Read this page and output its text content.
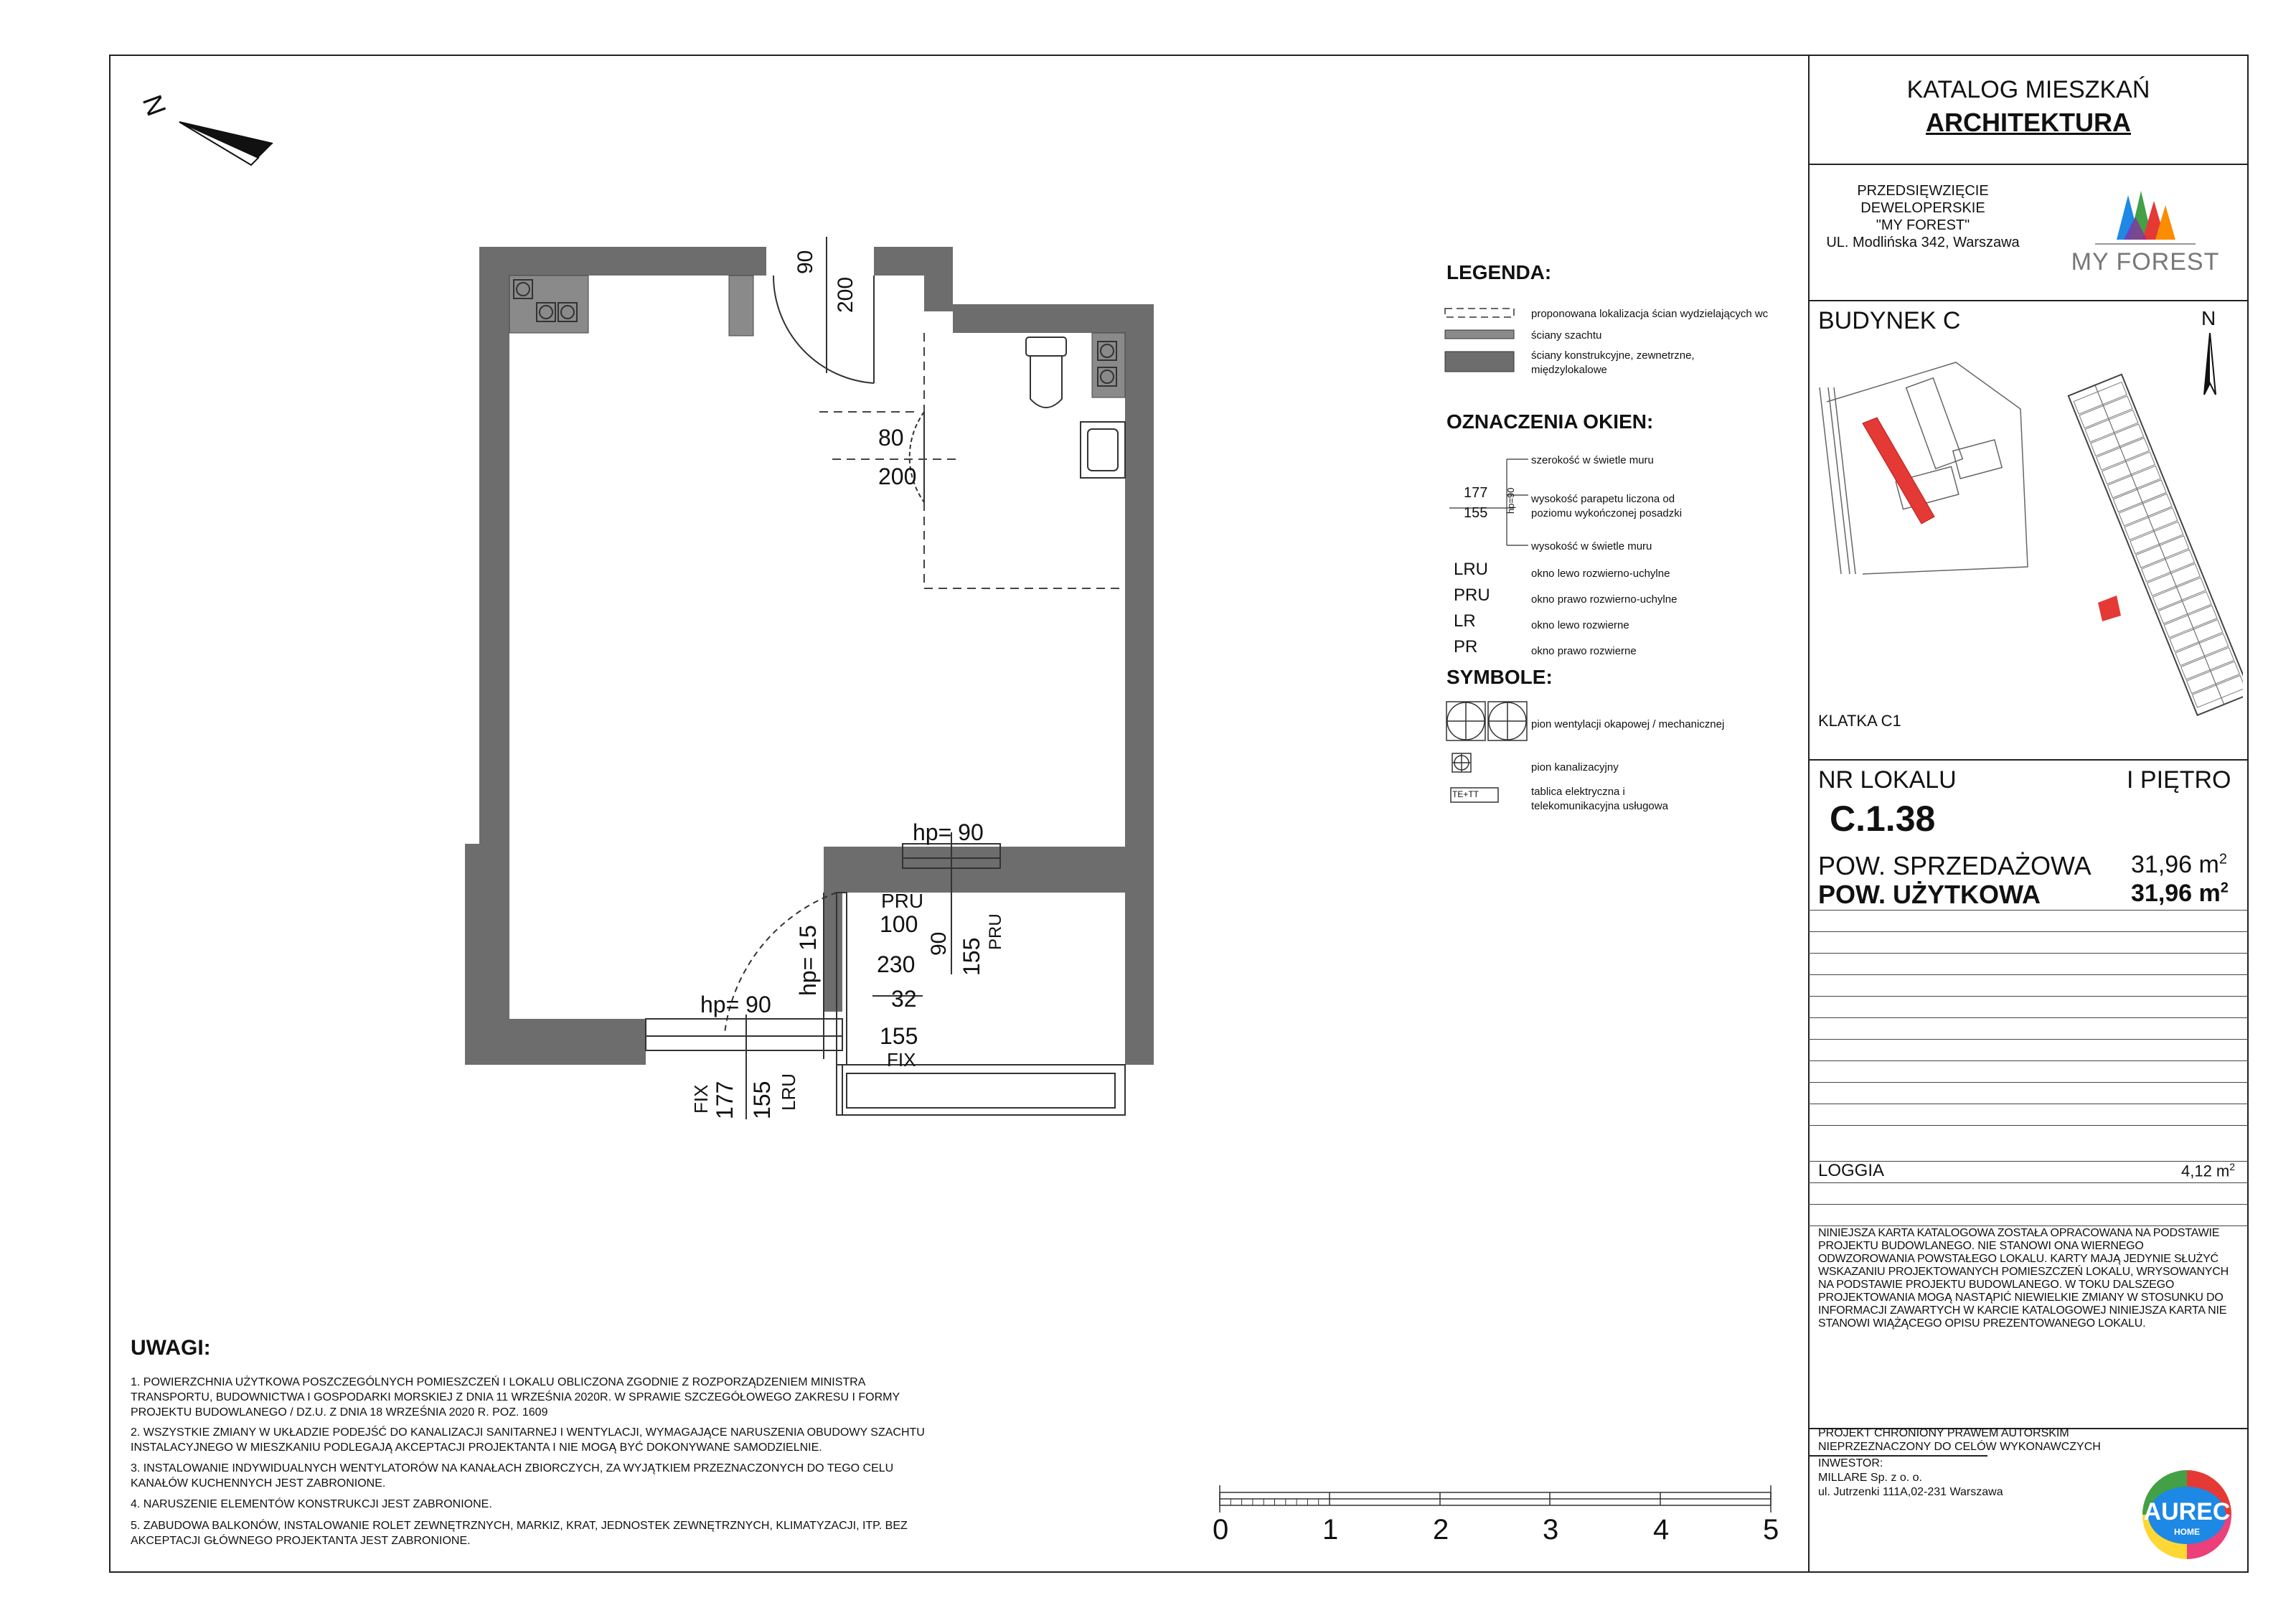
KATALOG MIESZKAŃ
ARCHITEKTURA
PRZEDSIĘWZIĘCIE
DEWELOPERSKIE
"MY FOREST"
UL. Modlińska 342, Warszawa
MY FOREST
BUDYNEK C	N
KLATKA C1
NR LOKALU	I PIĘTRO
C.1.38
POW. SPRZEDAŻOWA 31,96 $m^2$
POW. UŻYTKOWA	31,96 $m^2$
LOGGIA	4,12 $m^2$
NINIEJSZA KARTA KATALOGOWA ZOSTAŁA OPRACOWANA NA PODSTAWIE PROJEKTU BUDOWLANEGO. NIE STANOWI ONA WIERNEGO ODWZOROWANIA POWSTAŁEGO LOKALU. KARTY MAJĄ JEDYNIE SŁUŻYĆ WSKAZANIU PROJEKTOWANYCH POMIESZCZEŃ LOKALU, WRYSOWANYCH NA PODSTAWIE PROJEKTU BUDOWLANEGO. W TOKU DALSZEGO PROJEKTOWANIA MOGĄ NASTĄPIĆ NIEWIELKIE ZMIANY W STOSUNKU DO INFORMACJI ZAWARTYCH W KARCIE KATALOGOWEJ NINIEJSZA KARTA NIE STANOWI WIĄŻĄCEGO OPISU PREZENTOWANEGO LOKALU.
PROJEKT CHRONIONY PRAWEM AUTORSKIM
NIEPRZEZNACZONY DO CELÓW WYKONAWCZYCH
INWESTOR:
MILLARE Sp. z o. o.
ul. Jutrzenki 111A,02-231 Warszawa
AUREC
HOME
LEGENDA:
proponowana lokalizacja ścian wydzielających wc
ściany szachtu
ściany konstrukcyjne, zewnetrzne,
międzylokalowe
OZNACZENIA OKIEN:
177
155 hp=90
szerokość w świetle muru
wysokość parapetu liczona od
poziomu wykończonej posadzki
wysokość w świetle muru
LRU	okno lewo rozwierno-uchylne
PRU	okno prawo rozwierno-uchylne
LR	okno lewo rozwierne
PR	okno prawo rozwierne
SYMBOLE:
TE+TT
pion wentylacji okapowej / mechanicznej
pion kanalizacyjny
tablica elektryczna i
telekomunikacyjna usługowa
N
90
200
80
200
hp= 90
PRU
100
90 155
PRU
hp= 15 230
32
155
FIX
hp= 90
FIX 177 155 LRU
UWAGI:
1. POWIERZCHNIA UŻYTKOWA POSZCZEGÓLNYCH POMIESZCZEŃ I LOKALU OBLICZONA ZGODNIE Z ROZPORZĄDZENIEM MINISTRA TRANSPORTU, BUDOWNICTWA I GOSPODARKI MORSKIEJ Z DNIA 11 WRZEŚNIA 2020R. W SPRAWIE SZCZEGÓŁOWEGO ZAKRESU I FORMY PROJEKTU BUDOWLANEGO / DZ.U. Z DNIA 18 WRZEŚNIA 2020 R. POZ. 1609
2. WSZYSTKIE ZMIANY W UKŁADZIE PODEJŚĆ DO KANALIZACJI SANITARNEJ I WENTYLACJI, WYMAGAJĄCE NARUSZENIA OBUDOWY SZACHTU INSTALACYJNEGO W MIESZKANIU PODLEGAJĄ AKCEPTACJI PROJEKTANTA I NIE MOGĄ BYĆ DOKONYWANE SAMODZIELNIE.
3. INSTALOWANIE INDYWIDUALNYCH WENTYLATORÓW NA KANAŁACH ZBIORCZYCH, ZA WYJĄTKIEM PRZEZNACZONYCH DO TEGO CELU KANAŁÓW KUCHENNYCH JEST ZABRONIONE.
4. NARUSZENIE ELEMENTÓW KONSTRUKCJI JEST ZABRONIONE.
5. ZABUDOWA BALKONÓW, INSTALOWANIE ROLET ZEWNĘTRZNYCH, MARKIZ, KRAT, JEDNOSTEK ZEWNĘTRZNYCH, KLIMATYZACJI, ITP. BEZ AKCEPTACJI GŁÓWNEGO PROJEKTANTA JEST ZABRONIONE.	0	1	2	3	4	5
